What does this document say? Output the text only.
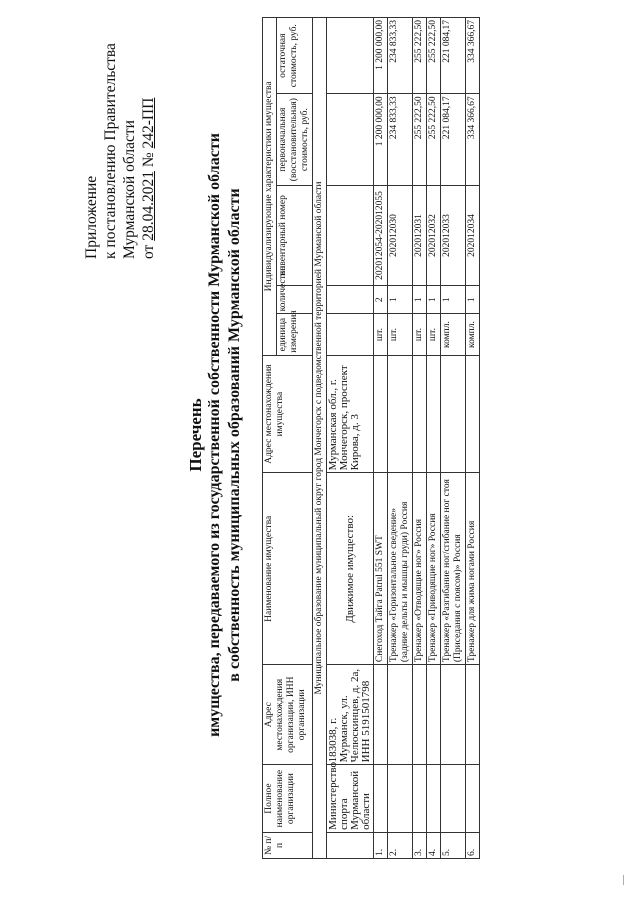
Приложение к постановлению Правительства Мурманской области от 28.04.2021 № 242-ПП
Перечень имущества, передаваемого из государственной собственности Мурманской области в собственность муниципальных образований Мурманской области
№ п/п	Полное наименование организации	Адрес местонахождения организации, ИНН организации	Наименование имущества	Адрес местонахождения имущества	Индивидуализирующие характеристики имущества				
					единица измерения	количество	инвентарный номер	первоначальная (восстановительная) стоимость, руб.	остаточная стоимость, руб.
Муниципальное образование муниципальный округ город Мончегорск с подведомственной территорией Мурманской области									
	Министерство спорта Мурманской области	183038, г. Мурманск, ул. Челюскинцев, д. 2а, ИНН 5191501798	Движимое имущество:	Мурманская обл., г. Мончегорск, проспект Кирова, д. 3					
1.			Снегоход Тайга Patrul 551 SWT		шт.	2	202012054-202012055	1 200 000,00	1 200 000,00
2.			Тренажер «Горизонтальное сведение» (задние дельты и мышцы груди) Россия		шт.	1	202012030	234 833,33	234 833,33
3.			Тренажер «Отводящие ног» Россия		шт.	1	202012031	255 222,50	255 222,50
4.			Тренажер «Приводящие ног» Россия		шт.	1	202012032	255 222,50	255 222,50
5.			Тренажер «Разгибание ног/сгибание ног стоя (Приседания с поясом)» Россия		компл.	1	202012033	221 084,17	221 084,17
6.			Тренажер для жима ногами Россия		компл.	1	202012034	334 366,67	334 366,67
—
